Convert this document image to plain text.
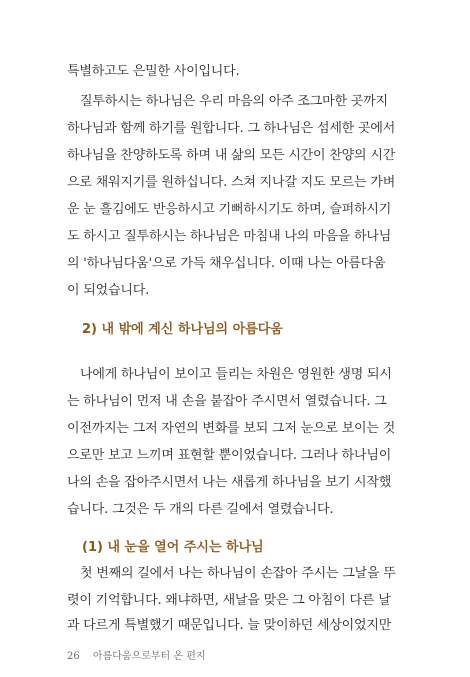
특별하고도 은밀한 사이입니다.
질투하시는 하나님은 우리 마음의 아주 조그마한 곳까지
하나님과 함께 하기를 원합니다. 그 하나님은 섬세한 곳에서
하나님을 찬양하도록 하며 내 삶의 모든 시간이 찬양의 시간
으로 채워지기를 원하십니다. 스쳐 지나갈 지도 모르는 가벼
운 눈 흘김에도 반응하시고 기뻐하시기도 하며, 슬퍼하시기
도 하시고 질투하시는 하나님은 마침내 나의 마음을 하나님
의 '하나님다움'으로 가득 채우십니다. 이때 나는 아름다움
이 되었습니다.
2) 내 밖에 계신 하나님의 아름다움
나에게 하나님이 보이고 들리는 차원은 영원한 생명 되시
는 하나님이 먼저 내 손을 붙잡아 주시면서 열렸습니다. 그
이전까지는 그저 자연의 변화를 보되 그저 눈으로 보이는 것
으로만 보고 느끼며 표현할 뿐이었습니다. 그러나 하나님이
나의 손을 잡아주시면서 나는 새롭게 하나님을 보기 시작했
습니다. 그것은 두 개의 다른 길에서 열렸습니다.
(1) 내 눈을 열어 주시는 하나님
첫 번째의 길에서 나는 하나님이 손잡아 주시는 그날을 뚜
렷이 기억합니다. 왜냐하면, 새날을 맞은 그 아침이 다른 날
과 다르게 특별했기 때문입니다. 늘 맞이하던 세상이었지만
26 아름다움으로부터 온 편지
